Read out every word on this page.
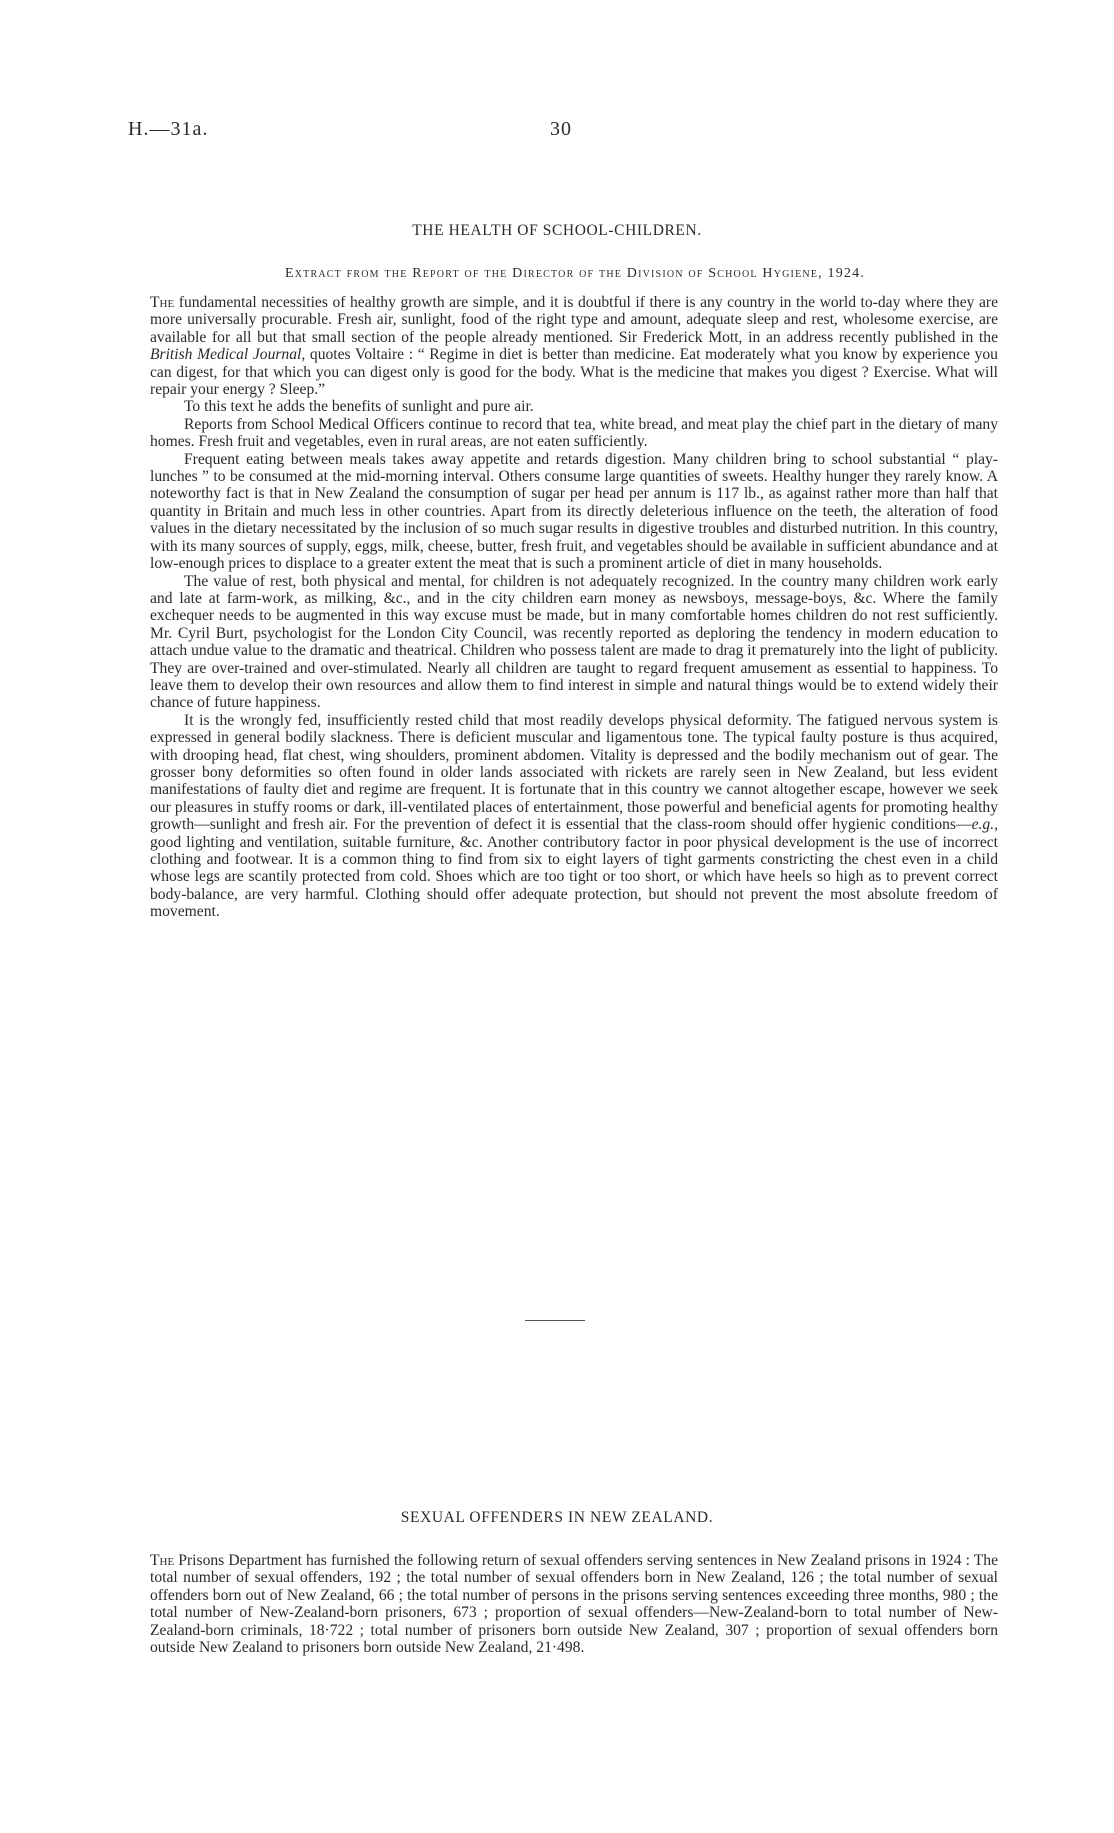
H.—31a.	30
THE HEALTH OF SCHOOL-CHILDREN.
Extract from the Report of the Director of the Division of School Hygiene, 1924.

The fundamental necessities of healthy growth are simple, and it is doubtful if there is any country in the world to-day where they are more universally procurable. Fresh air, sunlight, food of the right type and amount, adequate sleep and rest, wholesome exercise, are available for all but that small section of the people already mentioned. Sir Frederick Mott, in an address recently published in the British Medical Journal, quotes Voltaire : “ Regime in diet is better than medicine. Eat moderately what you know by experience you can digest, for that which you can digest only is good for the body. What is the medicine that makes you digest ? Exercise. What will repair your energy ? Sleep.”

To this text he adds the benefits of sunlight and pure air.

Reports from School Medical Officers continue to record that tea, white bread, and meat play the chief part in the dietary of many homes. Fresh fruit and vegetables, even in rural areas, are not eaten sufficiently.

Frequent eating between meals takes away appetite and retards digestion. Many children bring to school substantial “ play-lunches ” to be consumed at the mid-morning interval. Others consume large quantities of sweets. Healthy hunger they rarely know. A noteworthy fact is that in New Zealand the consumption of sugar per head per annum is 117 lb., as against rather more than half that quantity in Britain and much less in other countries. Apart from its directly deleterious influence on the teeth, the alteration of food values in the dietary necessitated by the inclusion of so much sugar results in digestive troubles and disturbed nutrition. In this country, with its many sources of supply, eggs, milk, cheese, butter, fresh fruit, and vegetables should be available in sufficient abundance and at low-enough prices to displace to a greater extent the meat that is such a prominent article of diet in many households.

The value of rest, both physical and mental, for children is not adequately recognized. In the country many children work early and late at farm-work, as milking, &c., and in the city children earn money as newsboys, message-boys, &c. Where the family exchequer needs to be augmented in this way excuse must be made, but in many comfortable homes children do not rest sufficiently. Mr. Cyril Burt, psychologist for the London City Council, was recently reported as deploring the tendency in modern education to attach undue value to the dramatic and theatrical. Children who possess talent are made to drag it prematurely into the light of publicity. They are over-trained and over-stimulated. Nearly all children are taught to regard frequent amusement as essential to happiness. To leave them to develop their own resources and allow them to find interest in simple and natural things would be to extend widely their chance of future happiness.

It is the wrongly fed, insufficiently rested child that most readily develops physical deformity. The fatigued nervous system is expressed in general bodily slackness. There is deficient muscular and ligamentous tone. The typical faulty posture is thus acquired, with drooping head, flat chest, wing shoulders, prominent abdomen. Vitality is depressed and the bodily mechanism out of gear. The grosser bony deformities so often found in older lands associated with rickets are rarely seen in New Zealand, but less evident manifestations of faulty diet and regime are frequent. It is fortunate that in this country we cannot altogether escape, however we seek our pleasures in stuffy rooms or dark, ill-ventilated places of entertainment, those powerful and beneficial agents for promoting healthy growth—sunlight and fresh air. For the prevention of defect it is essential that the class-room should offer hygienic conditions—e.g., good lighting and ventilation, suitable furniture, &c. Another contributory factor in poor physical development is the use of incorrect clothing and footwear. It is a common thing to find from six to eight layers of tight garments constricting the chest even in a child whose legs are scantily protected from cold. Shoes which are too tight or too short, or which have heels so high as to prevent correct body-balance, are very harmful. Clothing should offer adequate protection, but should not prevent the most absolute freedom of movement.

SEXUAL OFFENDERS IN NEW ZEALAND.

The Prisons Department has furnished the following return of sexual offenders serving sentences in New Zealand prisons in 1924 : The total number of sexual offenders, 192 ; the total number of sexual offenders born in New Zealand, 126 ; the total number of sexual offenders born out of New Zealand, 66 ; the total number of persons in the prisons serving sentences exceeding three months, 980 ; the total number of New-Zealand-born prisoners, 673 ; proportion of sexual offenders—New-Zealand-born to total number of New-Zealand-born criminals, 18·722 ; total number of prisoners born outside New Zealand, 307 ; proportion of sexual offenders born outside New Zealand to prisoners born outside New Zealand, 21·498.
